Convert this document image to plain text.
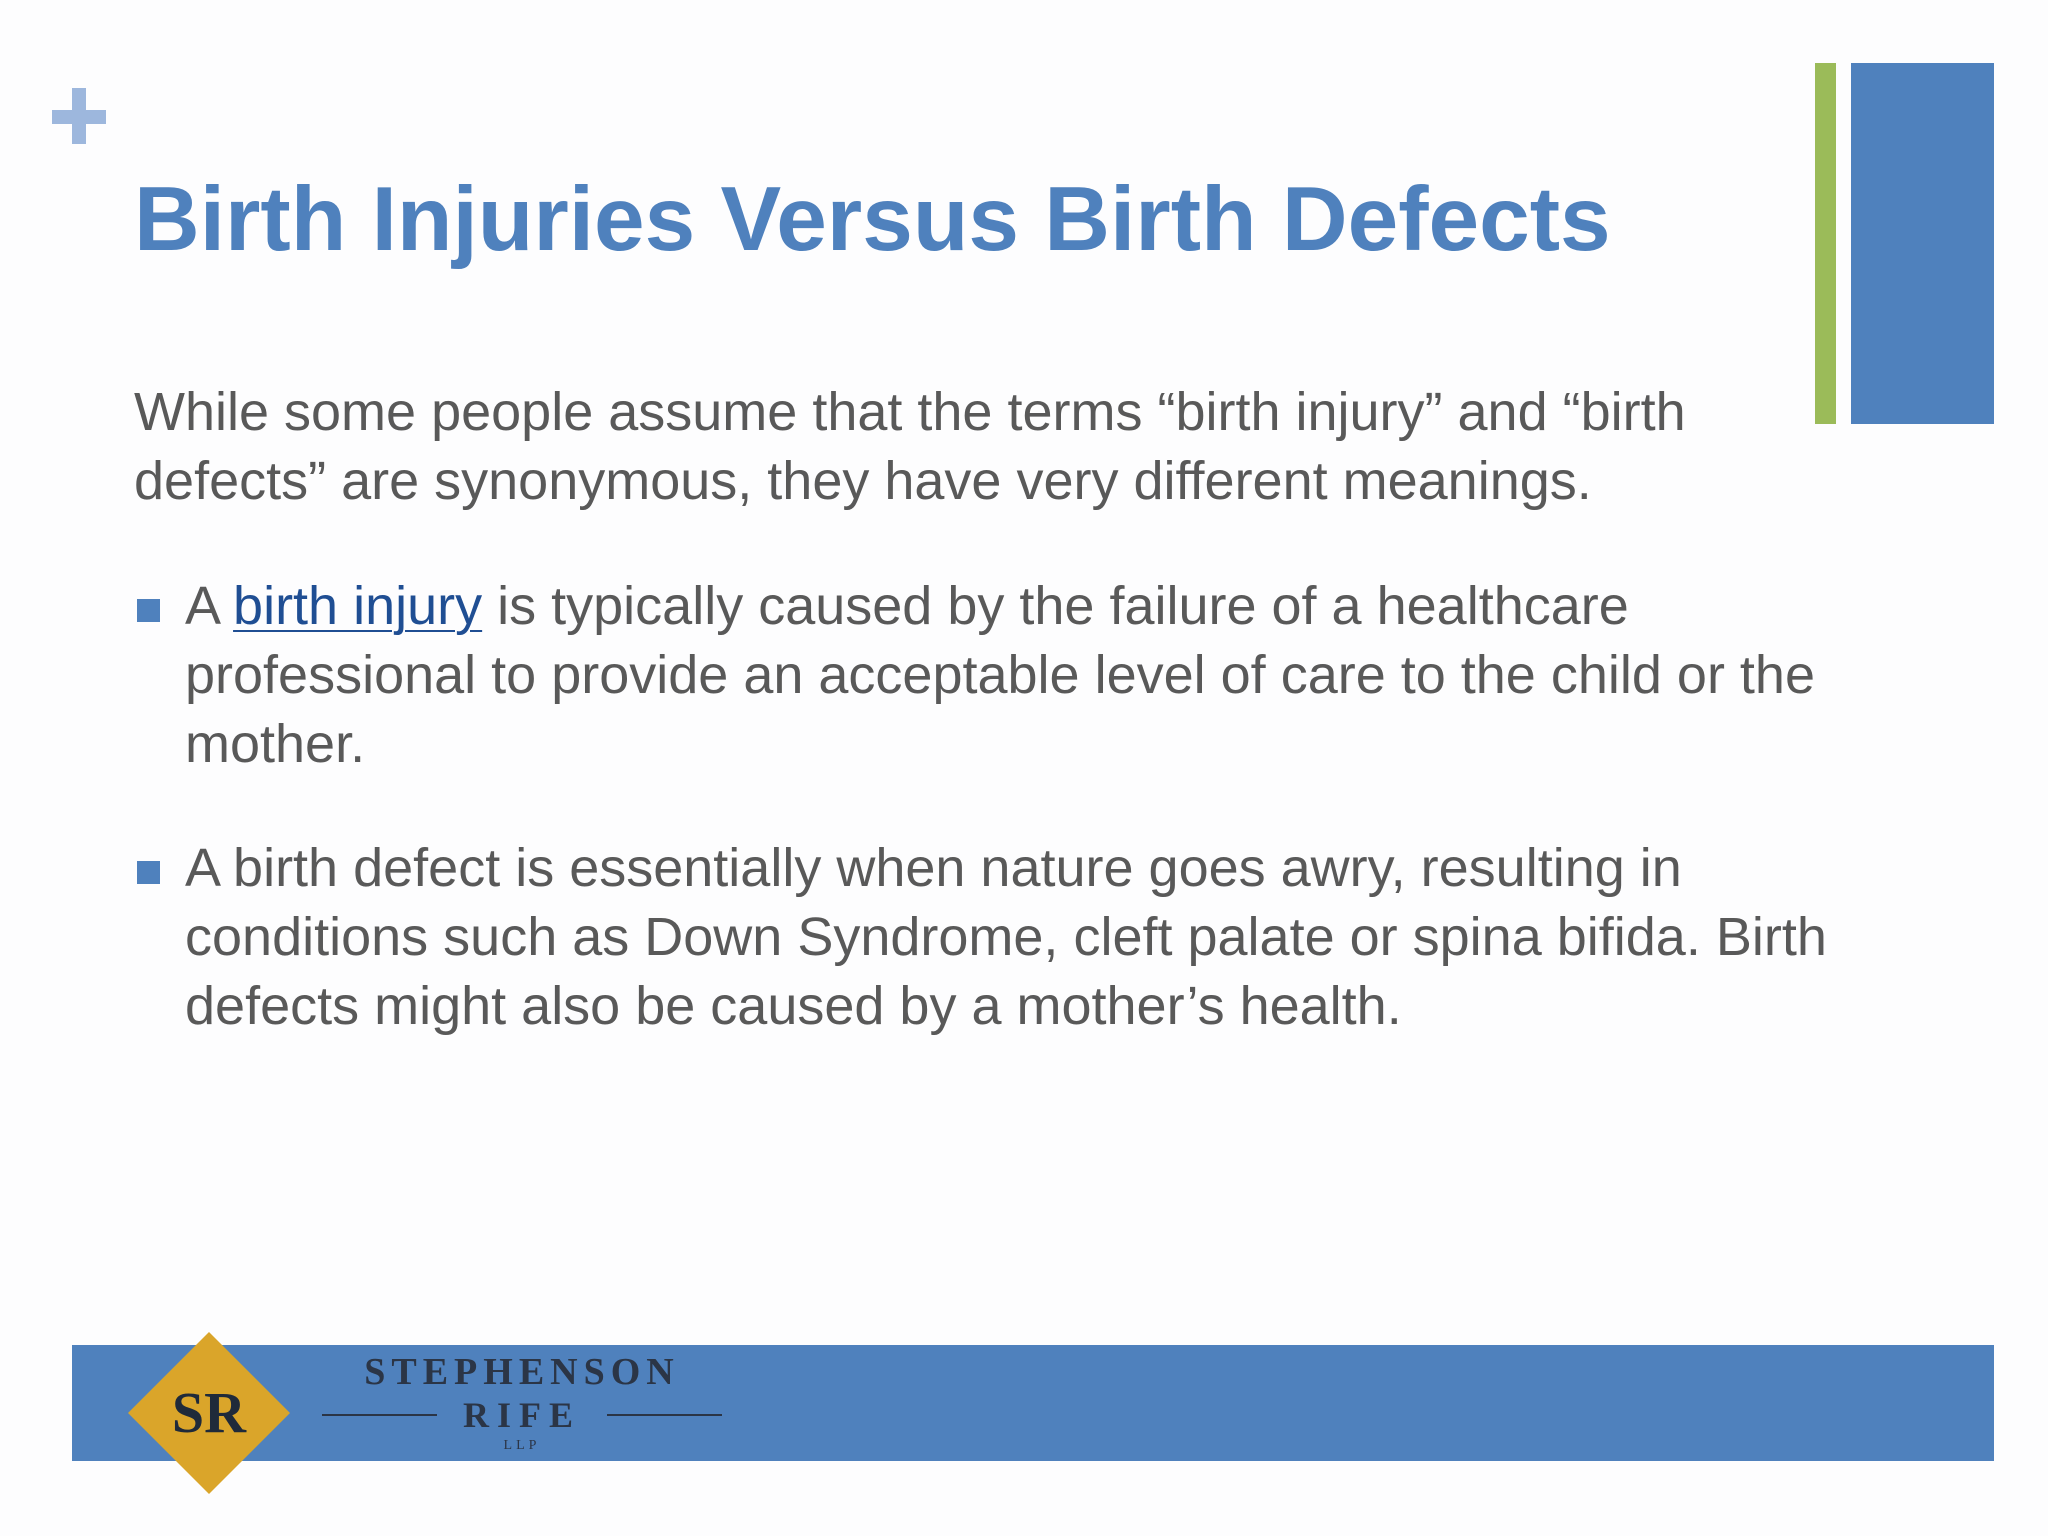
Birth Injuries Versus Birth Defects

While some people assume that the terms “birth injury” and “birth defects” are synonymous, they have very different meanings.

A birth injury is typically caused by the failure of a healthcare professional to provide an acceptable level of care to the child or the mother.
A birth defect is essentially when nature goes awry, resulting in conditions such as Down Syndrome, cleft palate or spina bifida. Birth defects might also be caused by a mother’s health.
SR
STEPHENSON
RIFE
LLP
